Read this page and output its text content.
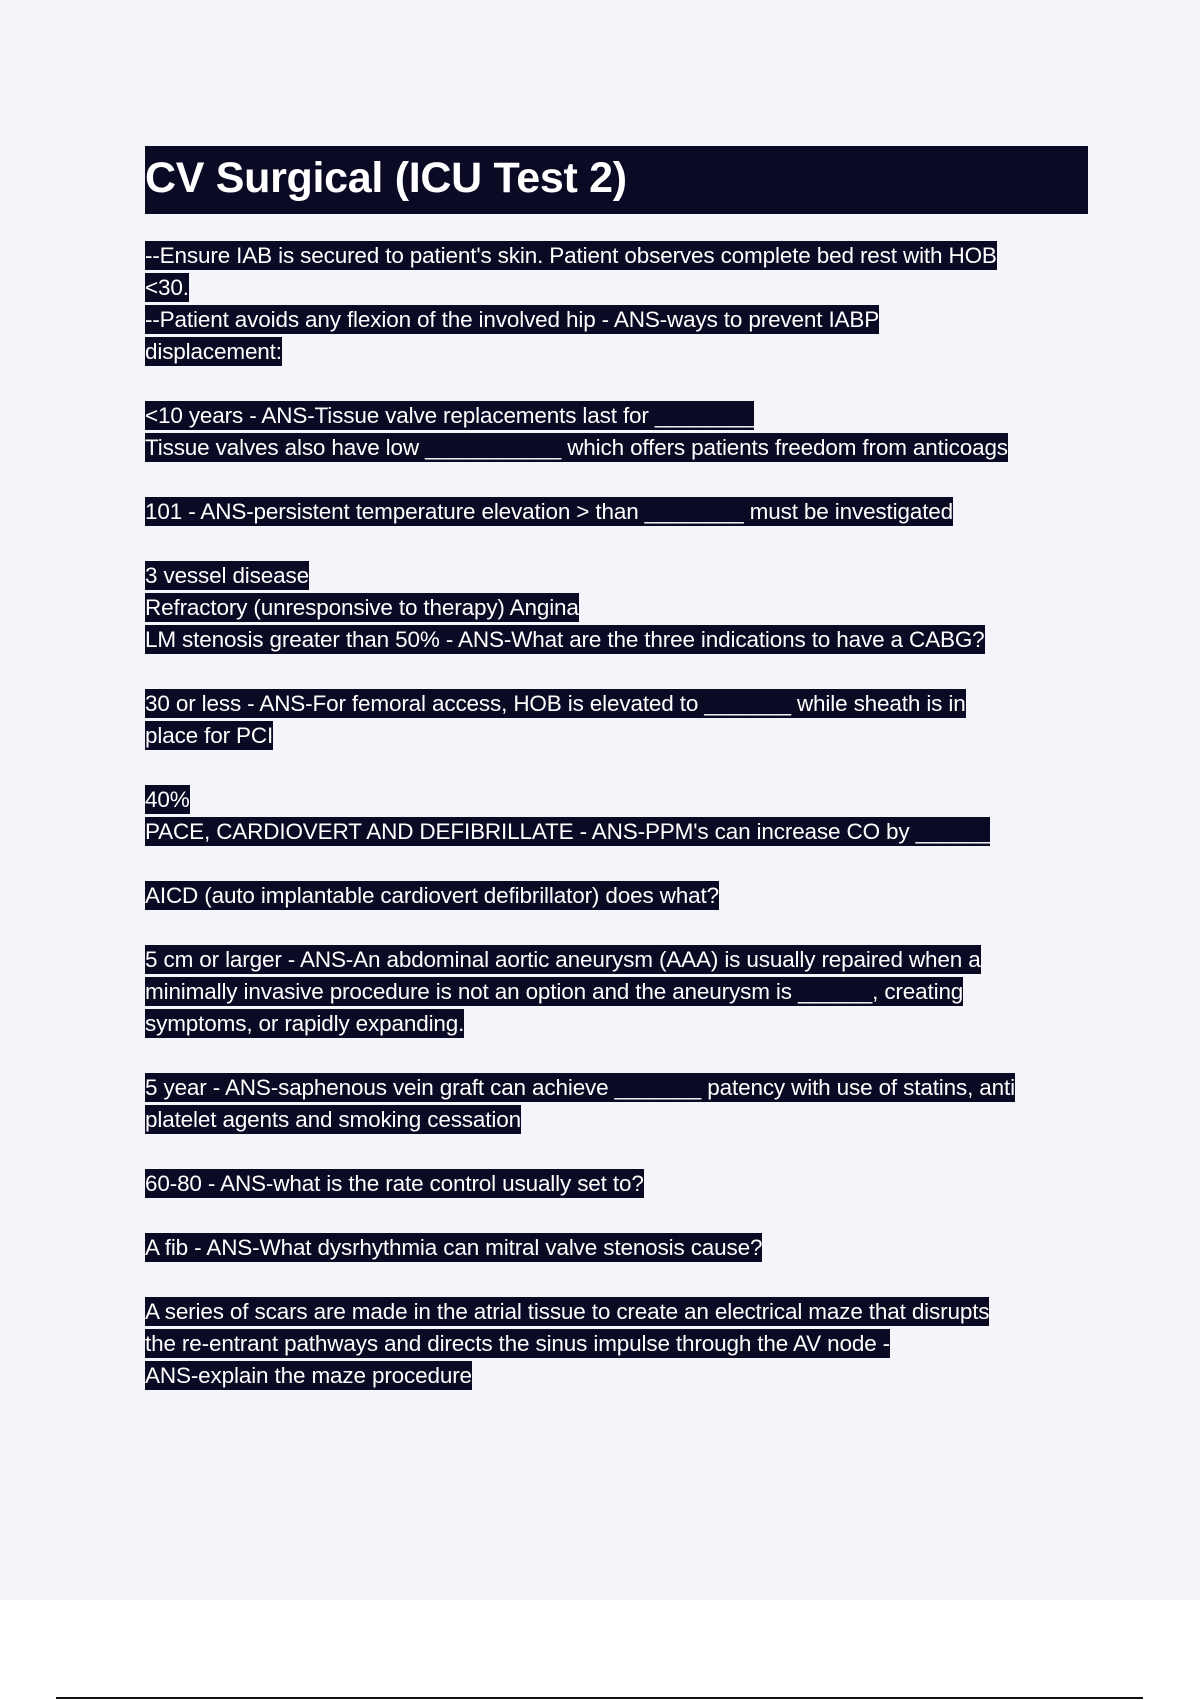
CV Surgical (ICU Test 2)
--Ensure IAB is secured to patient's skin. Patient observes complete bed rest with HOB
<30.
--Patient avoids any flexion of the involved hip - ANS-ways to prevent IABP
displacement:
<10 years - ANS-Tissue valve replacements last for ________
Tissue valves also have low ___________ which offers patients freedom from anticoags
101 - ANS-persistent temperature elevation > than ________ must be investigated
3 vessel disease
Refractory (unresponsive to therapy) Angina
LM stenosis greater than 50% - ANS-What are the three indications to have a CABG?
30 or less - ANS-For femoral access, HOB is elevated to _______ while sheath is in
place for PCI
40%
PACE, CARDIOVERT AND DEFIBRILLATE - ANS-PPM's can increase CO by ______
AICD (auto implantable cardiovert defibrillator) does what?
5 cm or larger - ANS-An abdominal aortic aneurysm (AAA) is usually repaired when a
minimally invasive procedure is not an option and the aneurysm is ______, creating
symptoms, or rapidly expanding.
5 year - ANS-saphenous vein graft can achieve _______ patency with use of statins, anti
platelet agents and smoking cessation
60-80 - ANS-what is the rate control usually set to?
A fib - ANS-What dysrhythmia can mitral valve stenosis cause?
A series of scars are made in the atrial tissue to create an electrical maze that disrupts
the re-entrant pathways and directs the sinus impulse through the AV node -
ANS-explain the maze procedure
